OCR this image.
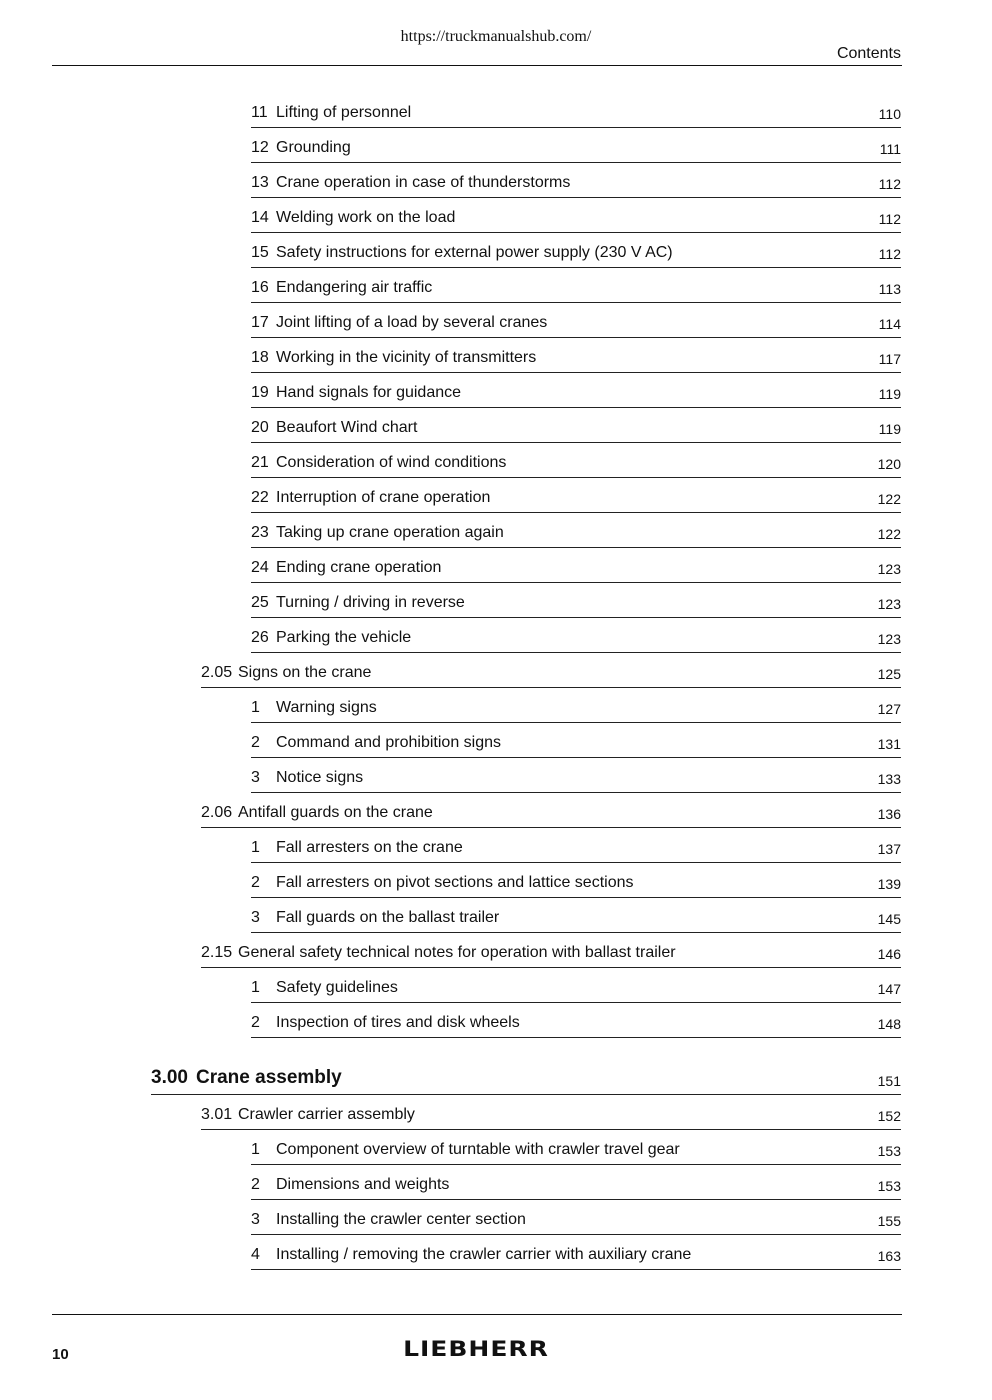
https://truckmanualshub.com/
Contents
11 Lifting of personnel	110
12 Grounding	111
13 Crane operation in case of thunderstorms	112
14 Welding work on the load	112
15 Safety instructions for external power supply (230 V AC)	112
16 Endangering air traffic	113
17 Joint lifting of a load by several cranes	114
18 Working in the vicinity of transmitters	117
19 Hand signals for guidance	119
20 Beaufort Wind chart	119
21 Consideration of wind conditions	120
22 Interruption of crane operation	122
23 Taking up crane operation again	122
24 Ending crane operation	123
25 Turning / driving in reverse	123
26 Parking the vehicle	123
2.05 Signs on the crane	125
1 Warning signs	127
2 Command and prohibition signs	131
3 Notice signs	133
2.06 Antifall guards on the crane	136
1 Fall arresters on the crane	137
2 Fall arresters on pivot sections and lattice sections	139
3 Fall guards on the ballast trailer	145
2.15 General safety technical notes for operation with ballast trailer	146
1 Safety guidelines	147
2 Inspection of tires and disk wheels	148
3.00 Crane assembly	151
3.01 Crawler carrier assembly	152
1 Component overview of turntable with crawler travel gear	153
2 Dimensions and weights	153
3 Installing the crawler center section	155
4 Installing / removing the crawler carrier with auxiliary crane	163
10	LIEBHERR
